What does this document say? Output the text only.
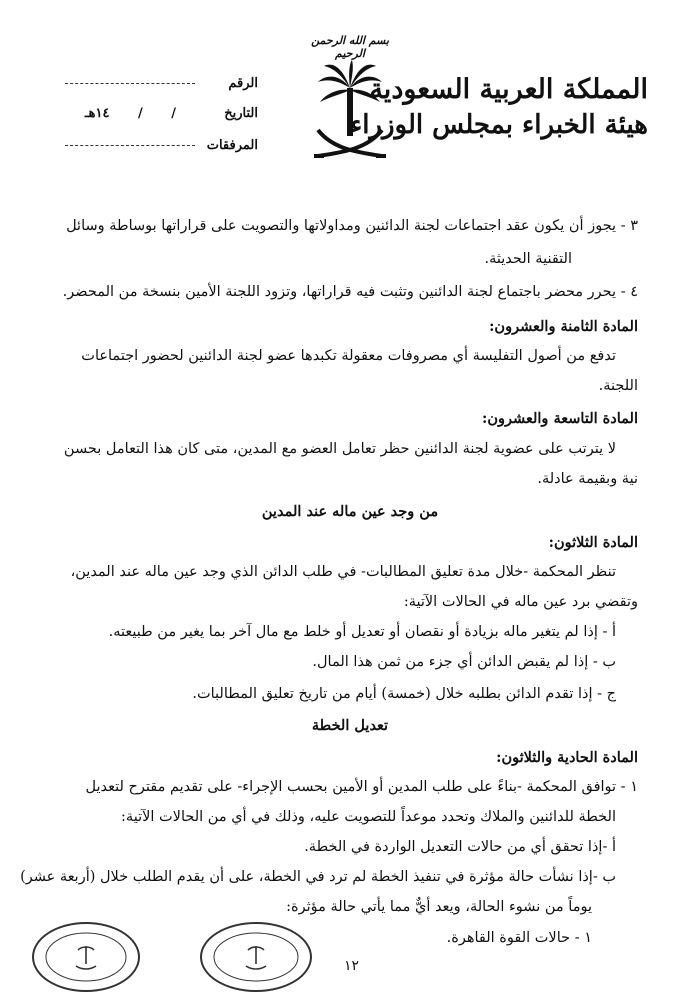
بسم الله الرحمن الرحيم
المملكة العربية السعودية
هيئة الخبراء بمجلس الوزراء
الرقم
التاريخ / / ١٤هـ
المرفقات
٣ - يجوز أن يكون عقد اجتماعات لجنة الدائنين ومداولاتها والتصويت على قراراتها بوساطة وسائل
التقنية الحديثة.
٤ - يحرر محضر باجتماع لجنة الدائنين وتثبت فيه قراراتها، وتزود اللجنة الأمين بنسخة من المحضر.
المادة الثامنة والعشرون:
تدفع من أصول التفليسة أي مصروفات معقولة تكبدها عضو لجنة الدائنين لحضور اجتماعات
اللجنة.
المادة التاسعة والعشرون:
لا يترتب على عضوية لجنة الدائنين حظر تعامل العضو مع المدين، متى كان هذا التعامل بحسن
نية وبقيمة عادلة.
من وجد عين ماله عند المدين
المادة الثلاثون:
تنظر المحكمة -خلال مدة تعليق المطالبات- في طلب الدائن الذي وجد عين ماله عند المدين،
وتقضي برد عين ماله في الحالات الآتية:
أ - إذا لم يتغير ماله بزيادة أو نقصان أو تعديل أو خلط مع مال آخر بما يغير من طبيعته.
ب - إذا لم يقبض الدائن أي جزء من ثمن هذا المال.
ج - إذا تقدم الدائن بطلبه خلال (خمسة) أيام من تاريخ تعليق المطالبات.
تعديل الخطة
المادة الحادية والثلاثون:
١ - توافق المحكمة -بناءً على طلب المدين أو الأمين بحسب الإجراء- على تقديم مقترح لتعديل
الخطة للدائنين والملاك وتحدد موعداً للتصويت عليه، وذلك في أي من الحالات الآتية:
أ -إذا تحقق أي من حالات التعديل الواردة في الخطة.
ب -إذا نشأت حالة مؤثرة في تنفيذ الخطة لم ترد في الخطة، على أن يقدم الطلب خلال (أربعة عشر)
يوماً من نشوء الحالة، ويعد أيٌّ مما يأتي حالة مؤثرة:
١ - حالات القوة القاهرة.
١٢
